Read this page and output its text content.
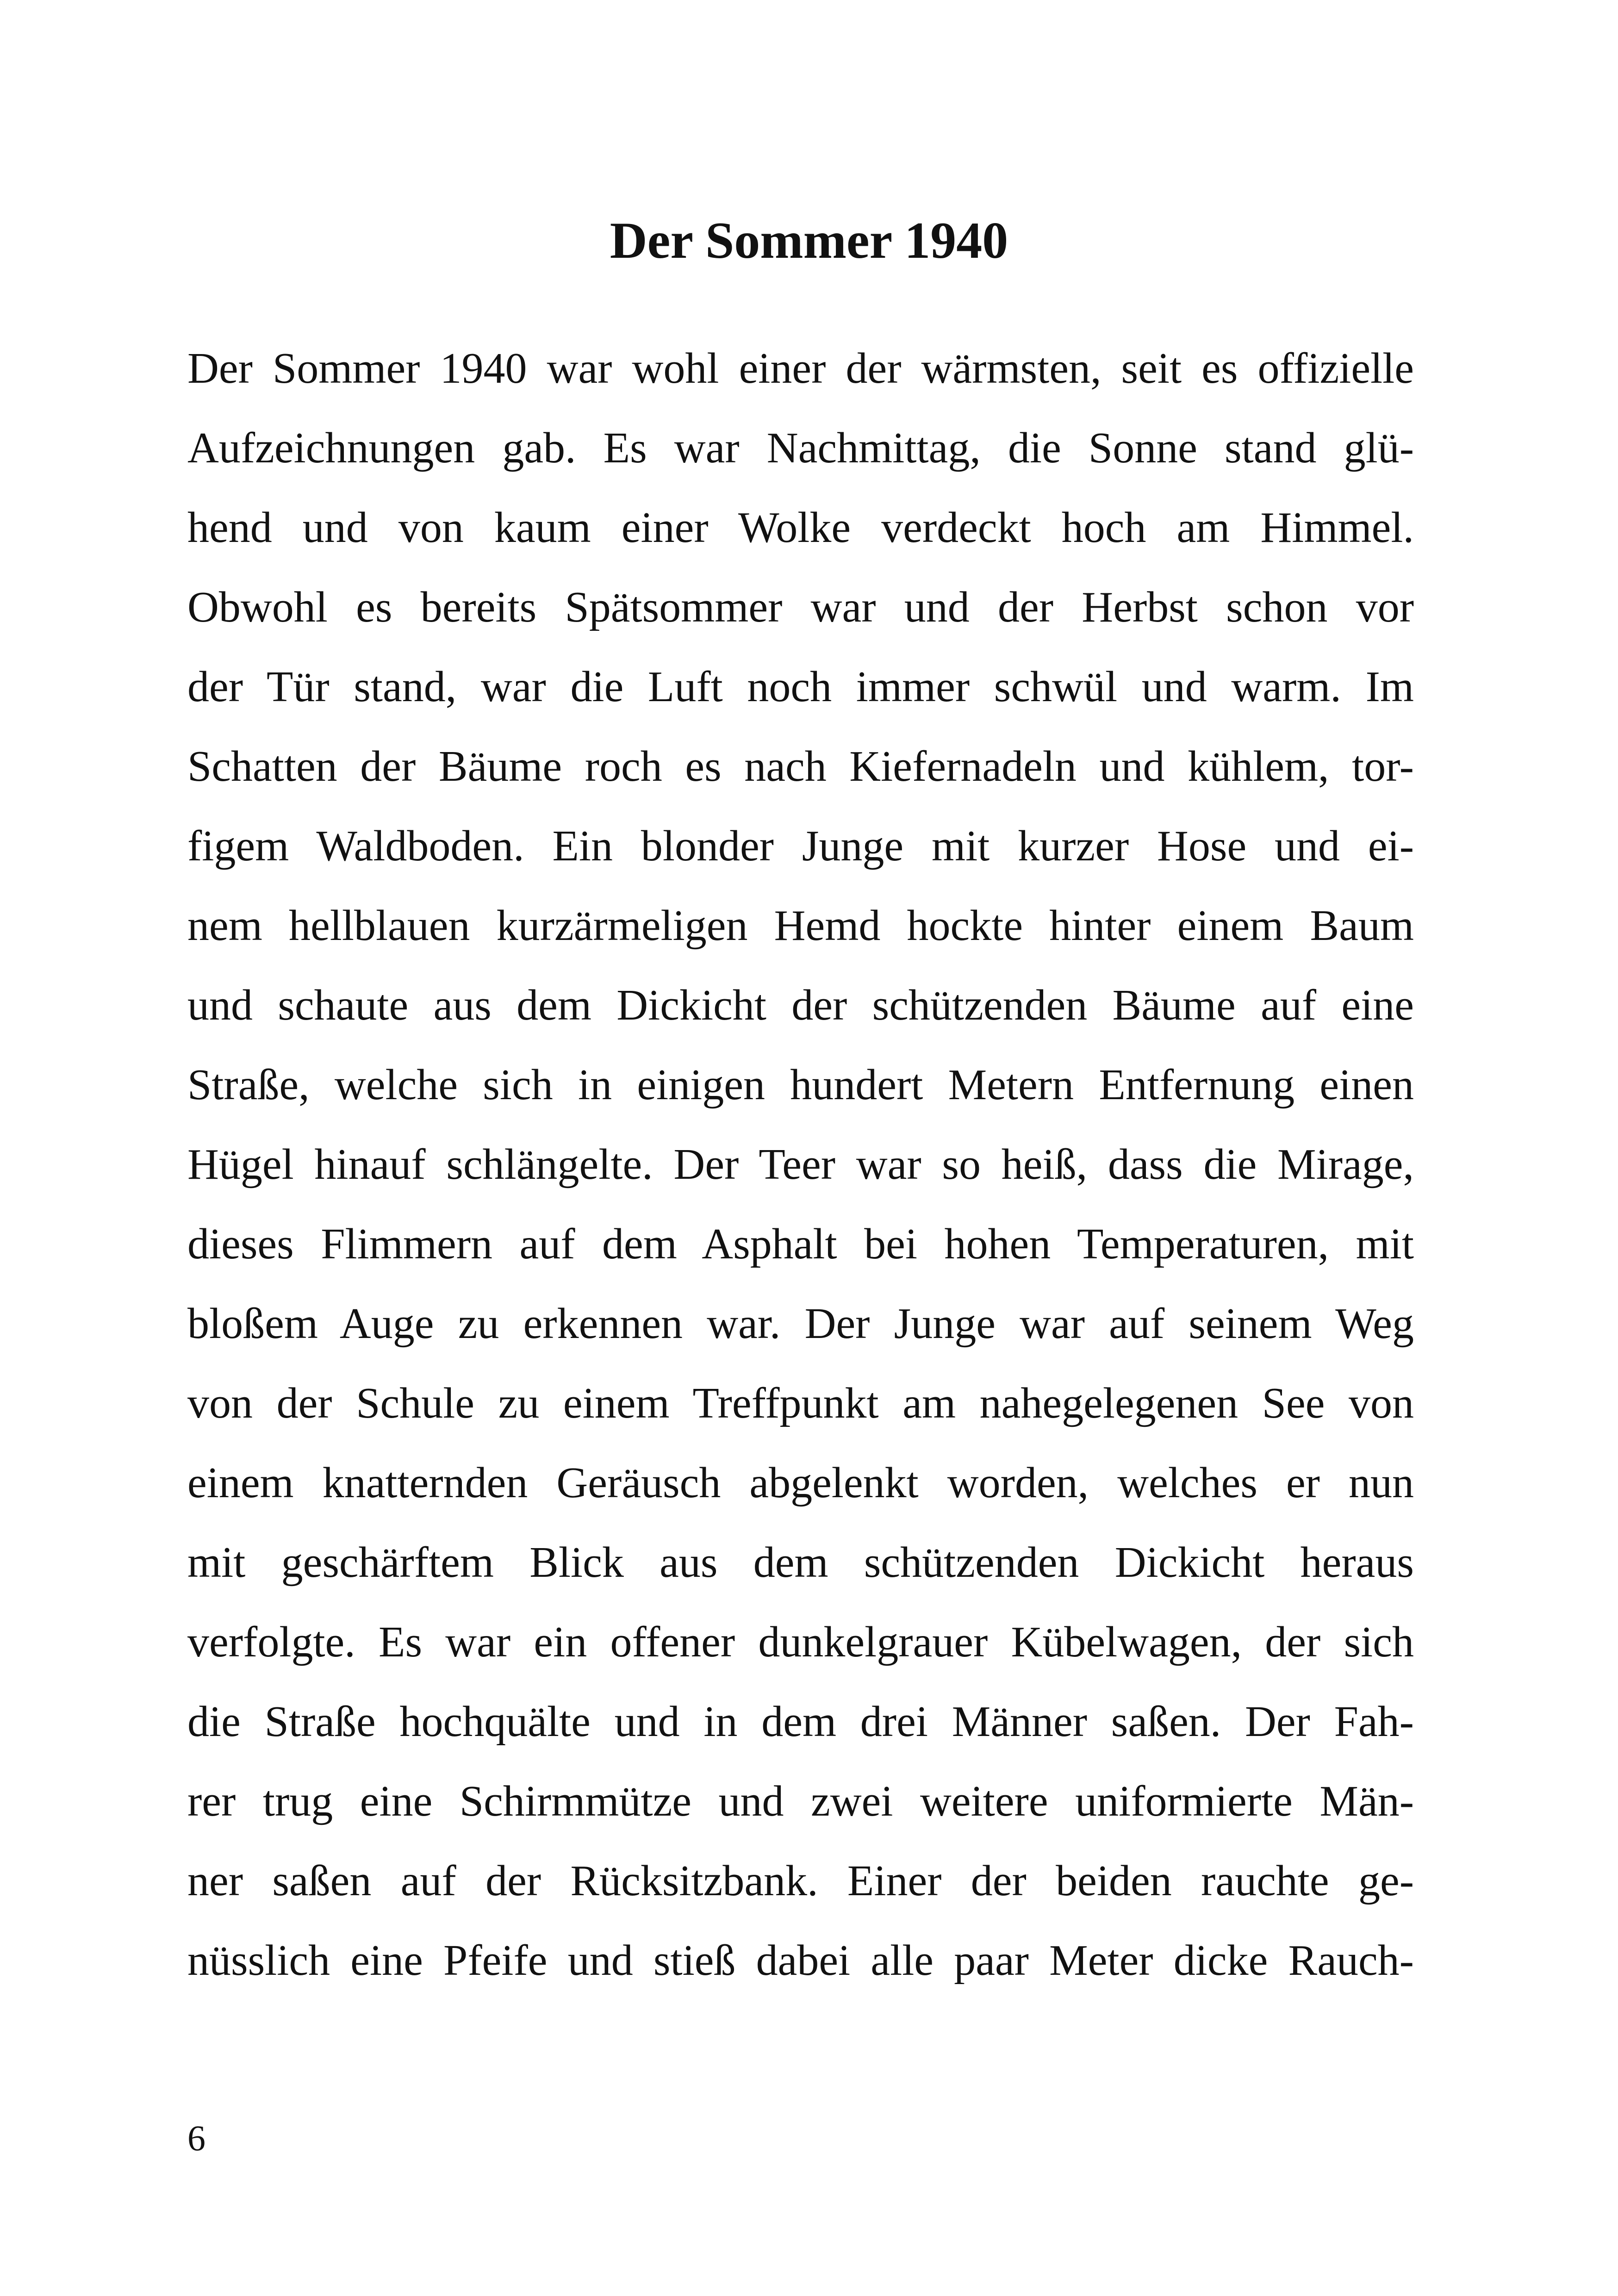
Der Sommer 1940
Der Sommer 1940 war wohl einer der wärmsten, seit es offizielle
Aufzeichnungen gab. Es war Nachmittag, die Sonne stand glü-
hend und von kaum einer Wolke verdeckt hoch am Himmel.
Obwohl es bereits Spätsommer war und der Herbst schon vor
der Tür stand, war die Luft noch immer schwül und warm. Im
Schatten der Bäume roch es nach Kiefernadeln und kühlem, tor-
figem Waldboden. Ein blonder Junge mit kurzer Hose und ei-
nem hellblauen kurzärmeligen Hemd hockte hinter einem Baum
und schaute aus dem Dickicht der schützenden Bäume auf eine
Straße, welche sich in einigen hundert Metern Entfernung einen
Hügel hinauf schlängelte. Der Teer war so heiß, dass die Mirage,
dieses Flimmern auf dem Asphalt bei hohen Temperaturen, mit
bloßem Auge zu erkennen war. Der Junge war auf seinem Weg
von der Schule zu einem Treffpunkt am nahegelegenen See von
einem knatternden Geräusch abgelenkt worden, welches er nun
mit geschärftem Blick aus dem schützenden Dickicht heraus
verfolgte. Es war ein offener dunkelgrauer Kübelwagen, der sich
die Straße hochquälte und in dem drei Männer saßen. Der Fah-
rer trug eine Schirmmütze und zwei weitere uniformierte Män-
ner saßen auf der Rücksitzbank. Einer der beiden rauchte ge-
nüsslich eine Pfeife und stieß dabei alle paar Meter dicke Rauch-
6
